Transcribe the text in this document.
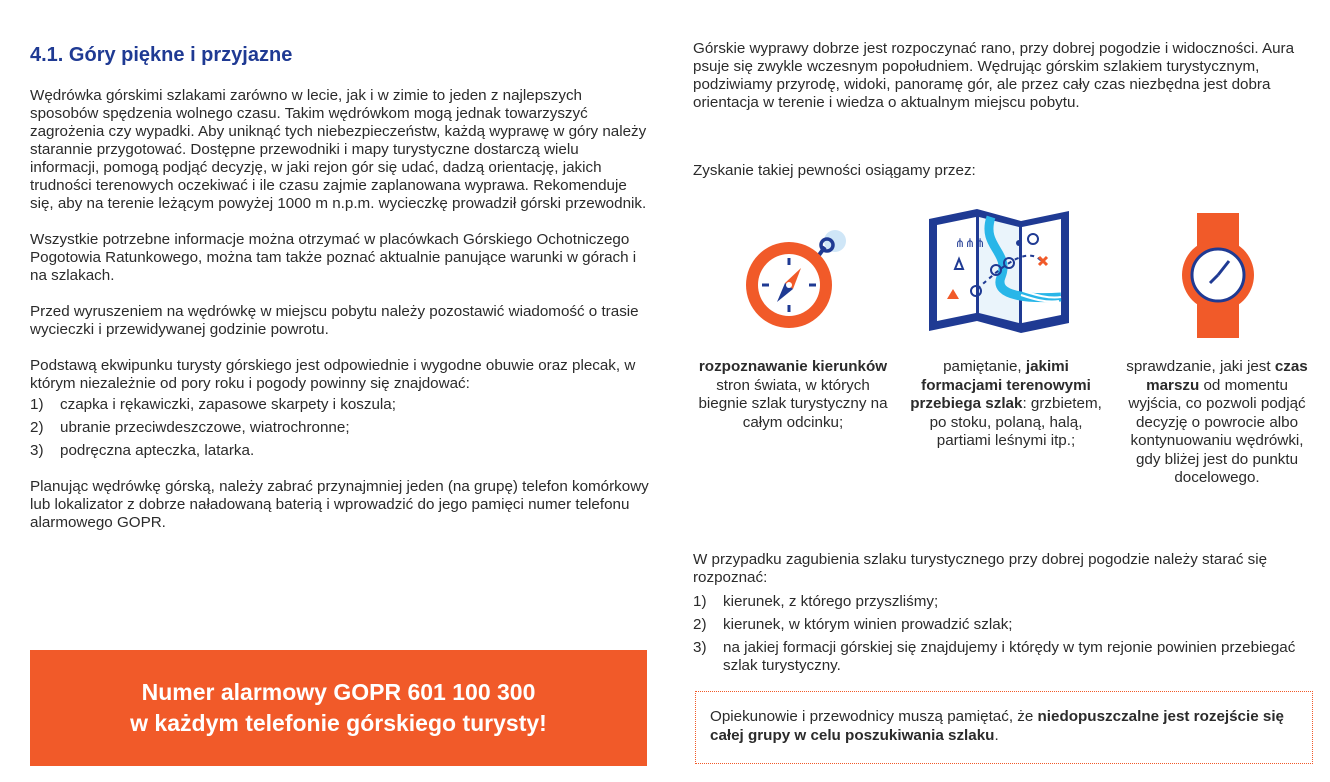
4.1. Góry piękne i przyjazne

Wędrówka górskimi szlakami zarówno w lecie, jak i w zimie to jeden z najlepszych sposobów spędzenia wolnego czasu. Takim wędrówkom mogą jednak towarzyszyć zagrożenia czy wypadki. Aby uniknąć tych niebezpieczeństw, każdą wyprawę w góry należy starannie przygotować. Dostępne przewodniki i mapy turystyczne dostarczą wielu informacji, pomogą podjąć decyzję, w jaki rejon gór się udać, dadzą orientację, jakich trudności terenowych oczekiwać i ile czasu zajmie zaplanowana wyprawa. Rekomenduje się, aby na terenie leżącym powyżej 1000 m n.p.m. wycieczkę prowadził górski przewodnik.

Wszystkie potrzebne informacje można otrzymać w placówkach Górskiego Ochotniczego Pogotowia Ratunkowego, można tam także poznać aktualnie panujące warunki w górach i na szlakach.

Przed wyruszeniem na wędrówkę w miejscu pobytu należy pozostawić wiadomość o trasie wycieczki i przewidywanej godzinie powrotu.

Podstawą ekwipunku turysty górskiego jest odpowiednie i wygodne obuwie oraz plecak, w którym niezależnie od pory roku i pogody powinny się znajdować:

1)	czapka i rękawiczki, zapasowe skarpety i koszula;
2)	ubranie przeciwdeszczowe, wiatrochronne;
3)	podręczna apteczka, latarka.

Planując wędrówkę górską, należy zabrać przynajmniej jeden (na grupę) telefon komórkowy lub lokalizator z dobrze naładowaną baterią i wprowadzić do jego pamięci numer telefonu alarmowego GOPR.

Numer alarmowy GOPR 601 100 300
w każdym telefonie górskiego turysty!

Górskie wyprawy dobrze jest rozpoczynać rano, przy dobrej pogodzie i widoczności. Aura psuje się zwykle wczesnym popołudniem. Wędrując górskim szlakiem turystycznym, podziwiamy przyrodę, widoki, panoramę gór, ale przez cały czas niezbędna jest dobra orientacja w terenie i wiedza o aktualnym miejscu pobytu.

Zyskanie takiej pewności osiągamy przez:

⋔⋔⋔
rozpoznawanie kierunków
stron świata, w których biegnie szlak turystyczny na całym odcinku;
pamiętanie, jakimi formacjami terenowymi przebiega szlak: grzbietem, po stoku, polaną, halą, partiami leśnymi itp.;
sprawdzanie, jaki jest czas marszu od momentu wyjścia, co pozwoli podjąć decyzję o powrocie albo kontynuowaniu wędrówki, gdy bliżej jest do punktu docelowego.

W przypadku zagubienia szlaku turystycznego przy dobrej pogodzie należy starać się rozpoznać:

1)	kierunek, z którego przyszliśmy;
2)	kierunek, w którym winien prowadzić szlak;
3)	na jakiej formacji górskiej się znajdujemy i którędy w tym rejonie powinien przebiegać szlak turystyczny.
Opiekunowie i przewodnicy muszą pamiętać, że niedopuszczalne jest rozejście się całej grupy w celu poszukiwania szlaku.
